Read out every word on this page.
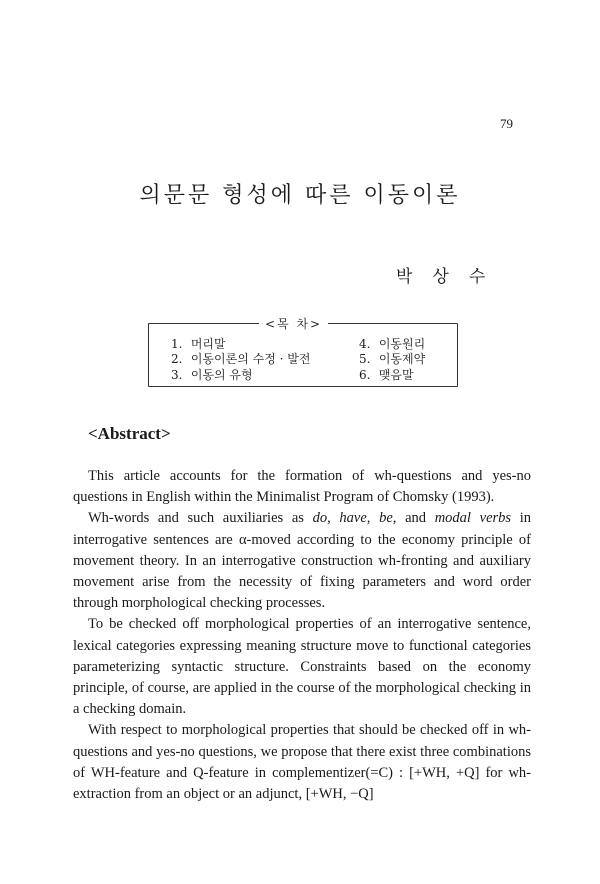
79
의문문 형성에 따른 이동이론
박상수
<목 차>
1. 머리말
2. 이동이론의 수정 · 발전
3. 이동의 유형
4. 이동원리
5. 이동제약
6. 맺음말
<Abstract>

This article accounts for the formation of wh-questions and yes-no questions in English within the Minimalist Program of Chomsky (1993).

Wh-words and such auxiliaries as do, have, be, and modal verbs in interrogative sentences are α-moved according to the economy principle of movement theory. In an interrogative construction wh-fronting and auxiliary movement arise from the necessity of fixing parameters and word order through morphological checking processes.

To be checked off morphological properties of an interrogative sentence, lexical categories expressing meaning structure move to functional categories parameterizing syntactic structure. Constraints based on the economy principle, of course, are applied in the course of the morphological checking in a checking domain.

With respect to morphological properties that should be checked off in wh-questions and yes-no questions, we propose that there exist three combinations of WH-feature and Q-feature in complementizer(=C) : [+WH, +Q] for wh-extraction from an object or an adjunct, [+WH, −Q]
